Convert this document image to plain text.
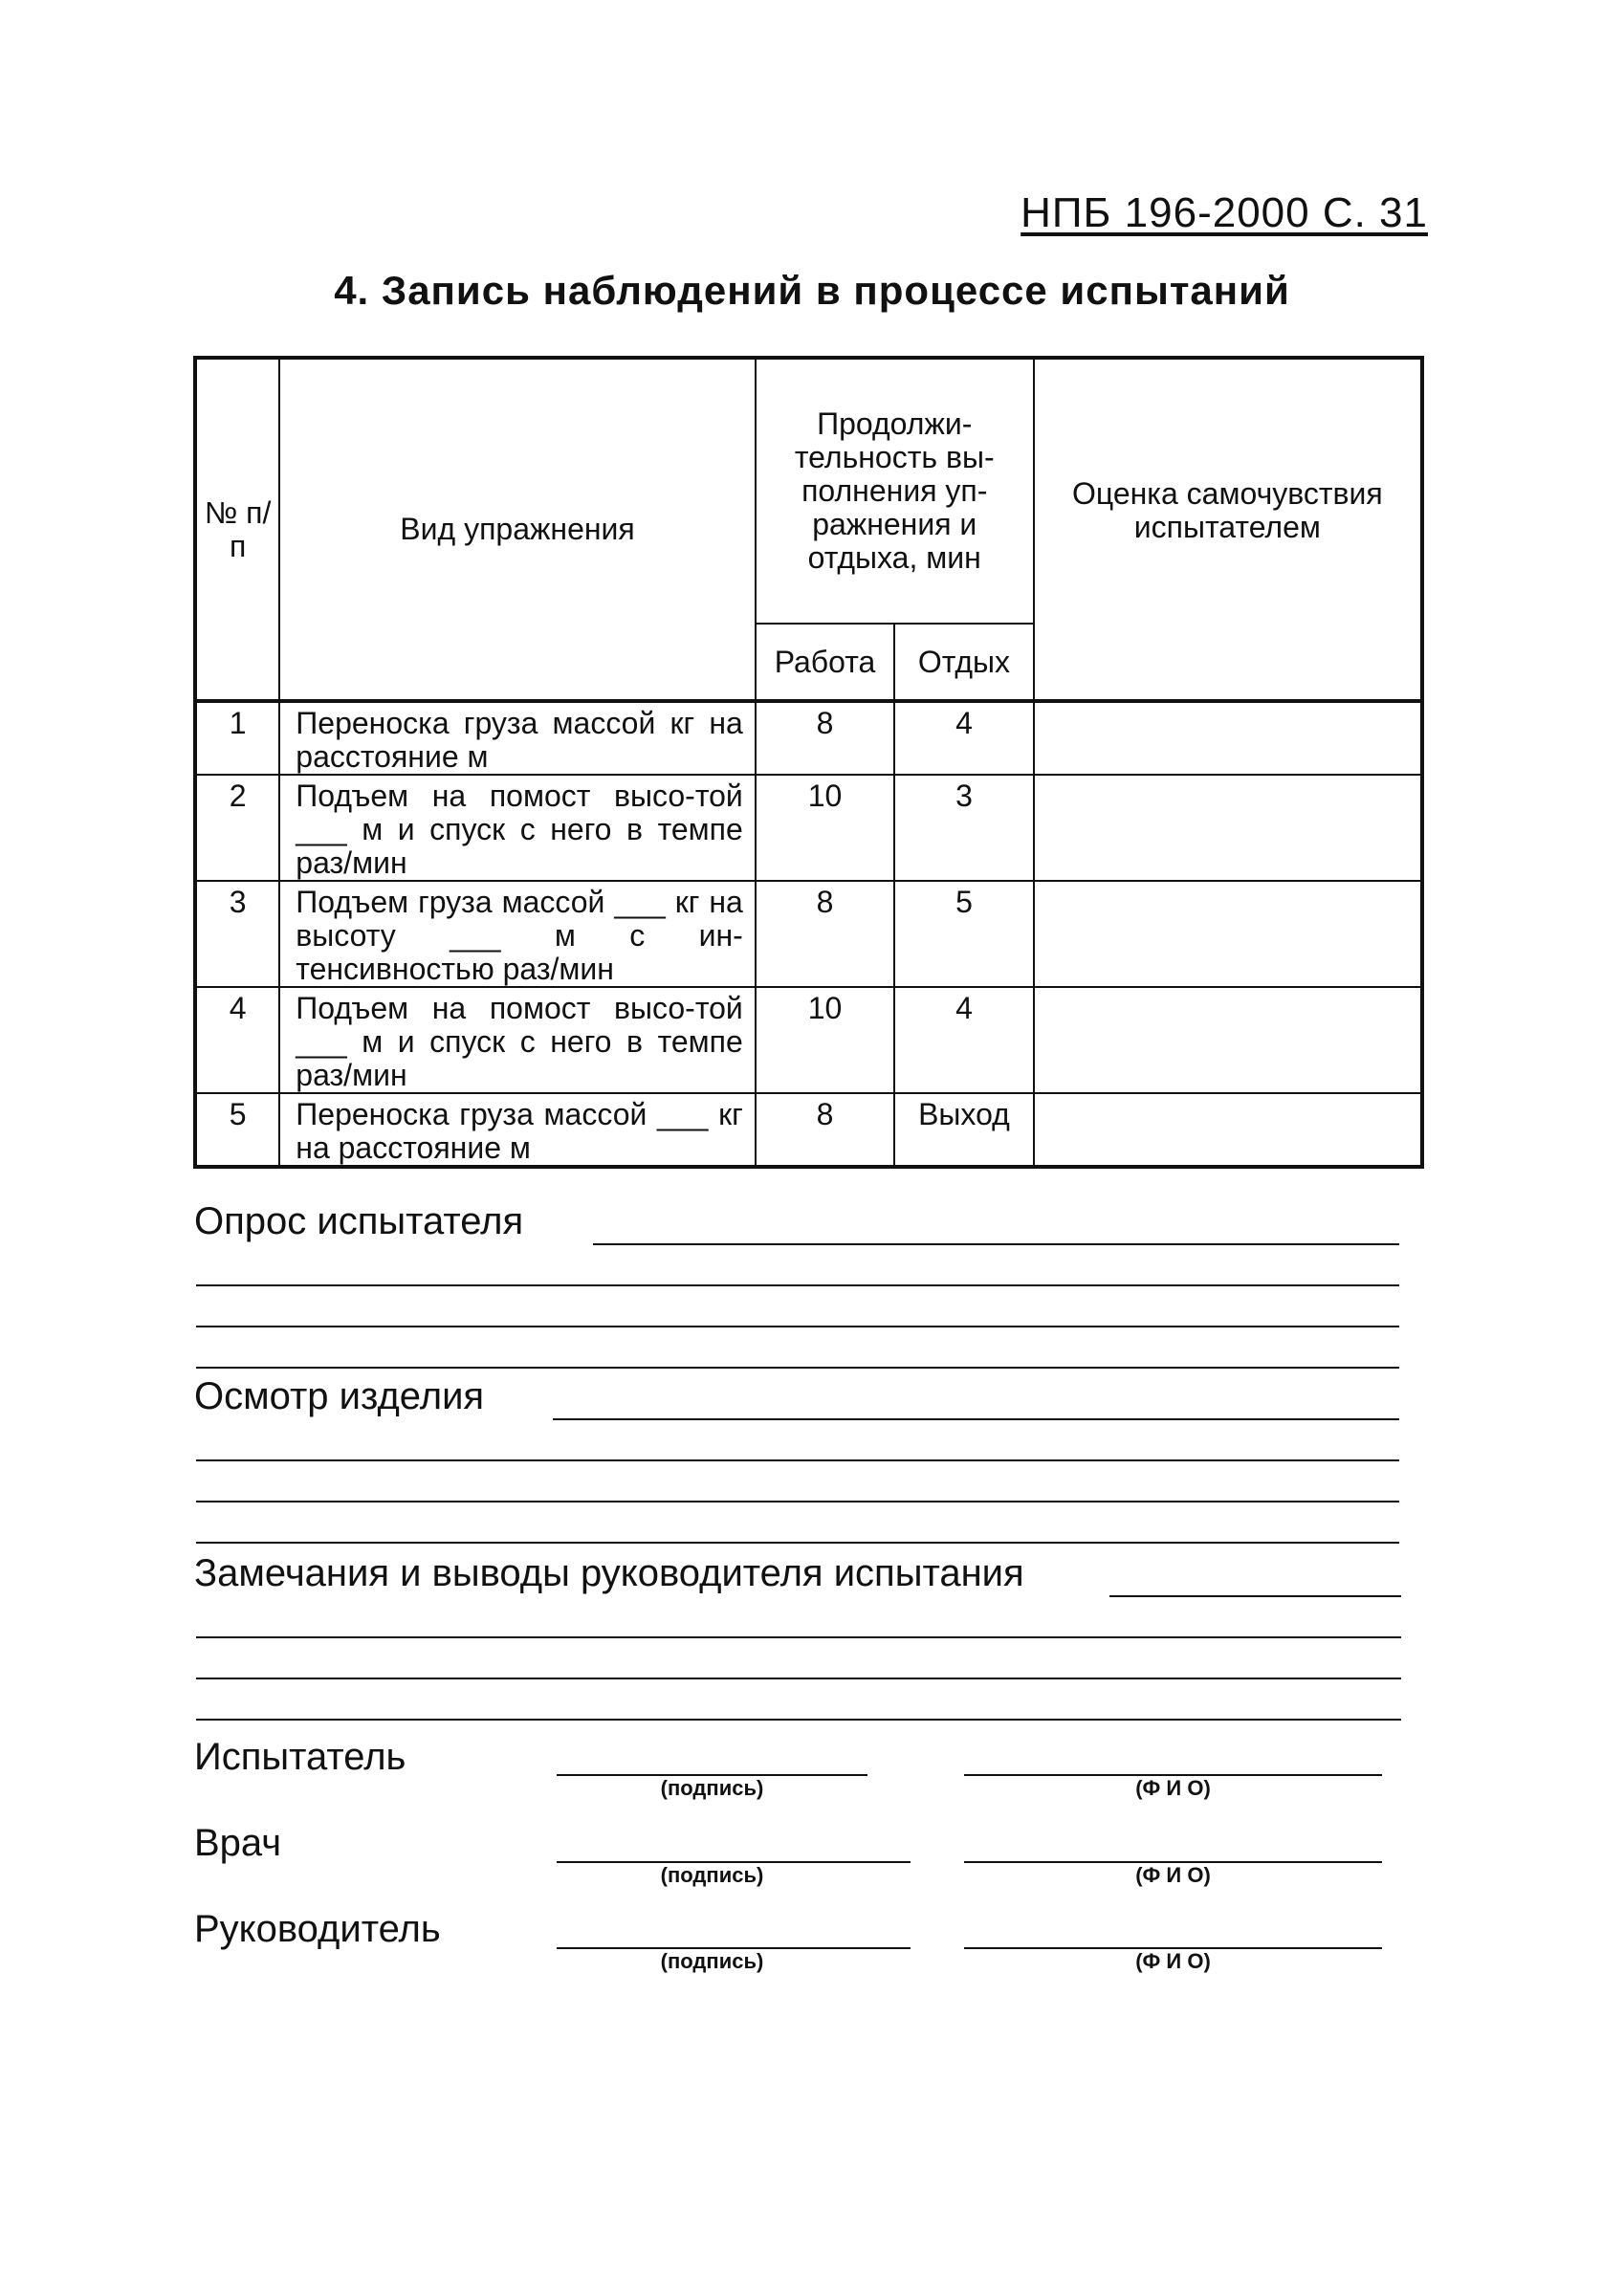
НПБ 196-2000 С. 31
4. Запись наблюдений в процессе испытаний
№ п/п	Вид упражнения	Продолжи-тельность вы-полнения уп-ражнения и отдыха, мин		Оценка самочувствия испытателем
		Работа	Отдых	
1	Переноска груза массой кг на расстояние м	8	4	
2	Подъем на помост высо-той ___ м и спуск с него в темпе раз/мин	10	3	
3	Подъем груза массой ___ кг на высоту ___ м с ин-тенсивностью раз/мин	8	5	
4	Подъем на помост высо-той ___ м и спуск с него в темпе раз/мин	10	4	
5	Переноска груза массой ___ кг на расстояние м	8	Выход	
Опрос испытателя
Осмотр изделия
Замечания и выводы руководителя испытания
Испытатель
(подпись)	(Ф И О)
Врач
(подпись)	(Ф И О)
Руководитель
(подпись)	(Ф И О)
